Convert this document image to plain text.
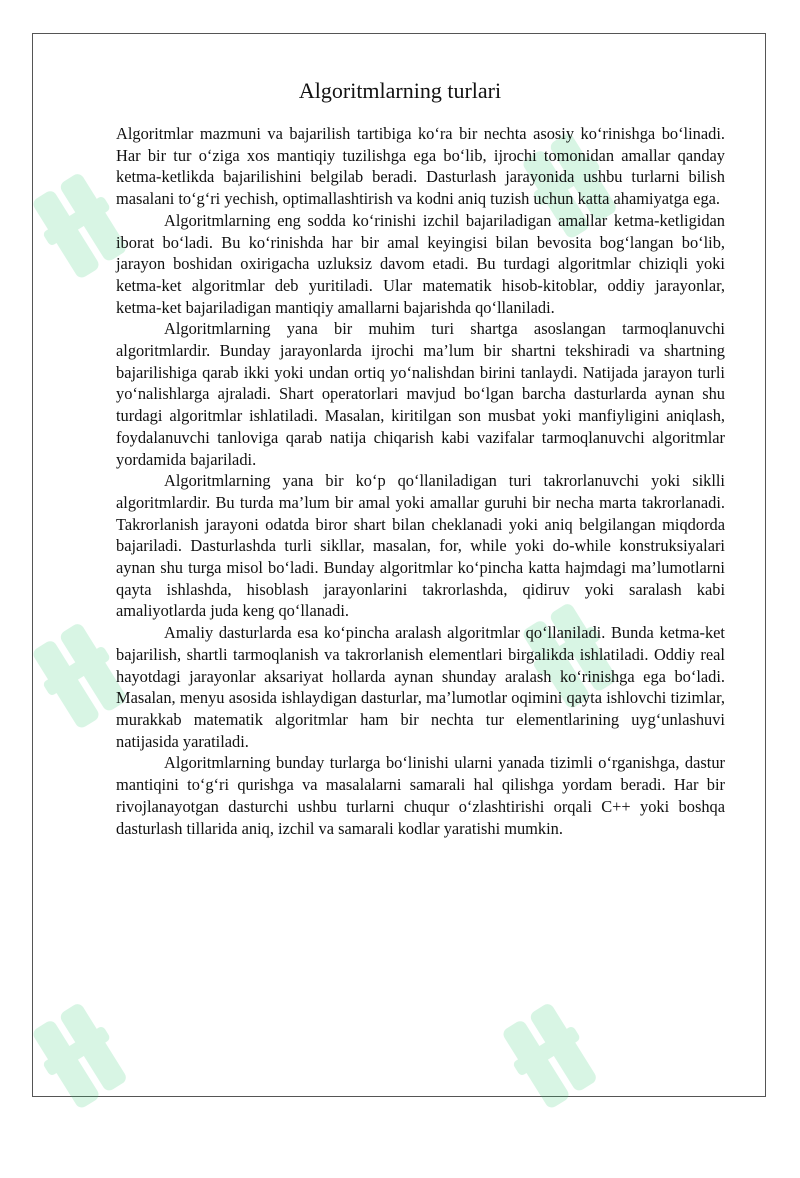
Algoritmlarning turlari

Algoritmlar mazmuni va bajarilish tartibiga ko‘ra bir nechta asosiy ko‘rinishga bo‘linadi. Har bir tur o‘ziga xos mantiqiy tuzilishga ega bo‘lib, ijrochi tomonidan amallar qanday ketma-ketlikda bajarilishini belgilab beradi. Dasturlash jarayonida ushbu turlarni bilish masalani to‘g‘ri yechish, optimallashtirish va kodni aniq tuzish uchun katta ahamiyatga ega.

Algoritmlarning eng sodda ko‘rinishi izchil bajariladigan amallar ketma-ketligidan iborat bo‘ladi. Bu ko‘rinishda har bir amal keyingisi bilan bevosita bog‘langan bo‘lib, jarayon boshidan oxirigacha uzluksiz davom etadi. Bu turdagi algoritmlar chiziqli yoki ketma-ket algoritmlar deb yuritiladi. Ular matematik hisob-kitoblar, oddiy jarayonlar, ketma-ket bajariladigan mantiqiy amallarni bajarishda qo‘llaniladi.

Algoritmlarning yana bir muhim turi shartga asoslangan tarmoqlanuvchi algoritmlardir. Bunday jarayonlarda ijrochi ma’lum bir shartni tekshiradi va shartning bajarilishiga qarab ikki yoki undan ortiq yo‘nalishdan birini tanlaydi. Natijada jarayon turli yo‘nalishlarga ajraladi. Shart operatorlari mavjud bo‘lgan barcha dasturlarda aynan shu turdagi algoritmlar ishlatiladi. Masalan, kiritilgan son musbat yoki manfiyligini aniqlash, foydalanuvchi tanloviga qarab natija chiqarish kabi vazifalar tarmoqlanuvchi algoritmlar yordamida bajariladi.

Algoritmlarning yana bir ko‘p qo‘llaniladigan turi takrorlanuvchi yoki siklli algoritmlardir. Bu turda ma’lum bir amal yoki amallar guruhi bir necha marta takrorlanadi. Takrorlanish jarayoni odatda biror shart bilan cheklanadi yoki aniq belgilangan miqdorda bajariladi. Dasturlashda turli sikllar, masalan, for, while yoki do-while konstruksiyalari aynan shu turga misol bo‘ladi. Bunday algoritmlar ko‘pincha katta hajmdagi ma’lumotlarni qayta ishlashda, hisoblash jarayonlarini takrorlashda, qidiruv yoki saralash kabi amaliyotlarda juda keng qo‘llanadi.

Amaliy dasturlarda esa ko‘pincha aralash algoritmlar qo‘llaniladi. Bunda ketma-ket bajarilish, shartli tarmoqlanish va takrorlanish elementlari birgalikda ishlatiladi. Oddiy real hayotdagi jarayonlar aksariyat hollarda aynan shunday aralash ko‘rinishga ega bo‘ladi. Masalan, menyu asosida ishlaydigan dasturlar, ma’lumotlar oqimini qayta ishlovchi tizimlar, murakkab matematik algoritmlar ham bir nechta tur elementlarining uyg‘unlashuvi natijasida yaratiladi.

Algoritmlarning bunday turlarga bo‘linishi ularni yanada tizimli o‘rganishga, dastur mantiqini to‘g‘ri qurishga va masalalarni samarali hal qilishga yordam beradi. Har bir rivojlanayotgan dasturchi ushbu turlarni chuqur o‘zlashtirishi orqali C++ yoki boshqa dasturlash tillarida aniq, izchil va samarali kodlar yaratishi mumkin.
